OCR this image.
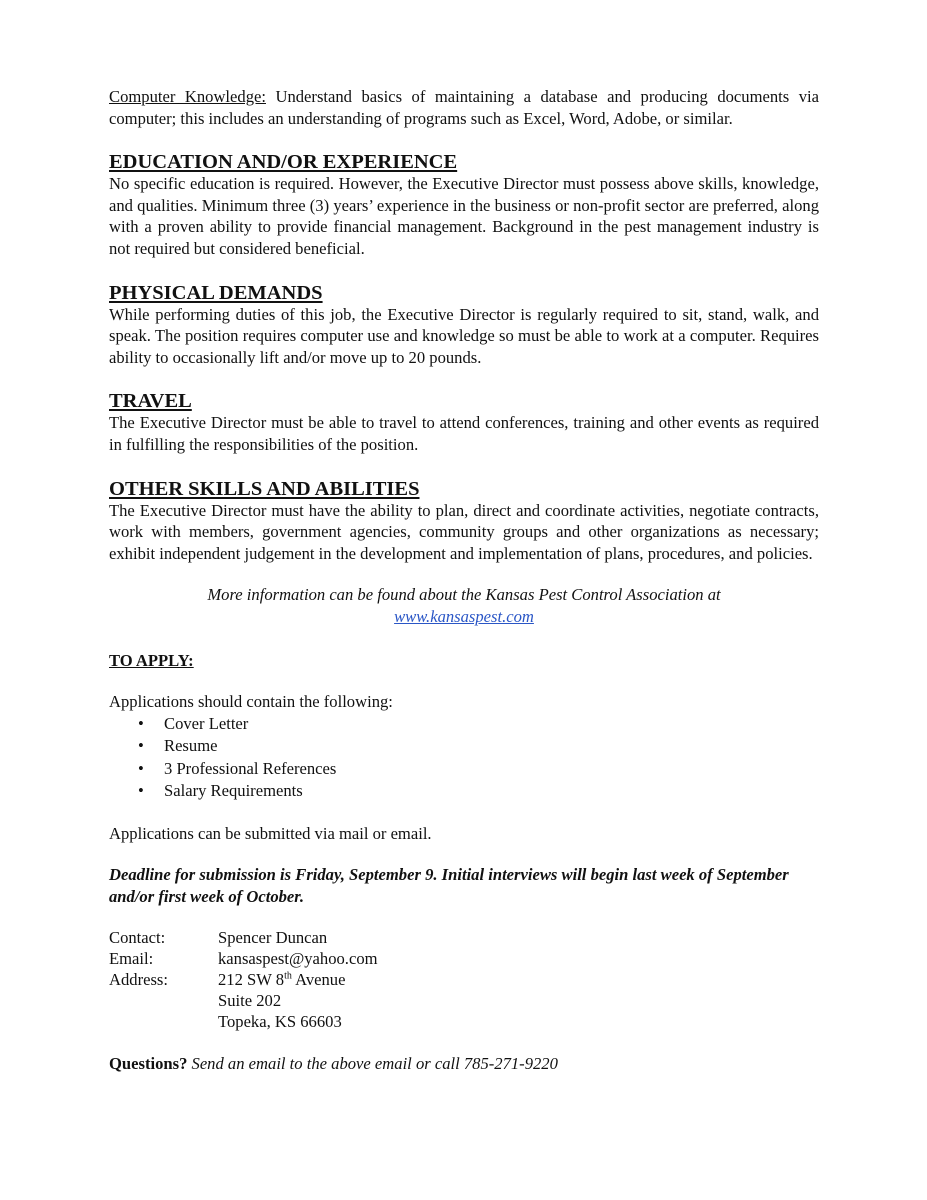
Computer Knowledge: Understand basics of maintaining a database and producing documents via computer; this includes an understanding of programs such as Excel, Word, Adobe, or similar.

EDUCATION AND/OR EXPERIENCE

No specific education is required. However, the Executive Director must possess above skills, knowledge, and qualities. Minimum three (3) years’ experience in the business or non-profit sector are preferred, along with a proven ability to provide financial management. Background in the pest management industry is not required but considered beneficial.

PHYSICAL DEMANDS

While performing duties of this job, the Executive Director is regularly required to sit, stand, walk, and speak. The position requires computer use and knowledge so must be able to work at a computer. Requires ability to occasionally lift and/or move up to 20 pounds.

TRAVEL

The Executive Director must be able to travel to attend conferences, training and other events as required in fulfilling the responsibilities of the position.

OTHER SKILLS AND ABILITIES

The Executive Director must have the ability to plan, direct and coordinate activities, negotiate contracts, work with members, government agencies, community groups and other organizations as necessary; exhibit independent judgement in the development and implementation of plans, procedures, and policies.

More information can be found about the Kansas Pest Control Association at
www.kansaspest.com
TO APPLY:
Applications should contain the following:
• Cover Letter
• Resume
• 3 Professional References
• Salary Requirements
Applications can be submitted via mail or email.
Deadline for submission is Friday, September 9. Initial interviews will begin last week of September and/or first week of October.
Contact:	Spencer Duncan
Email:	kansaspest@yahoo.com
Address:	212 SW 8th Avenue
Suite 202
Topeka, KS 66603
Questions? Send an email to the above email or call 785-271-9220
